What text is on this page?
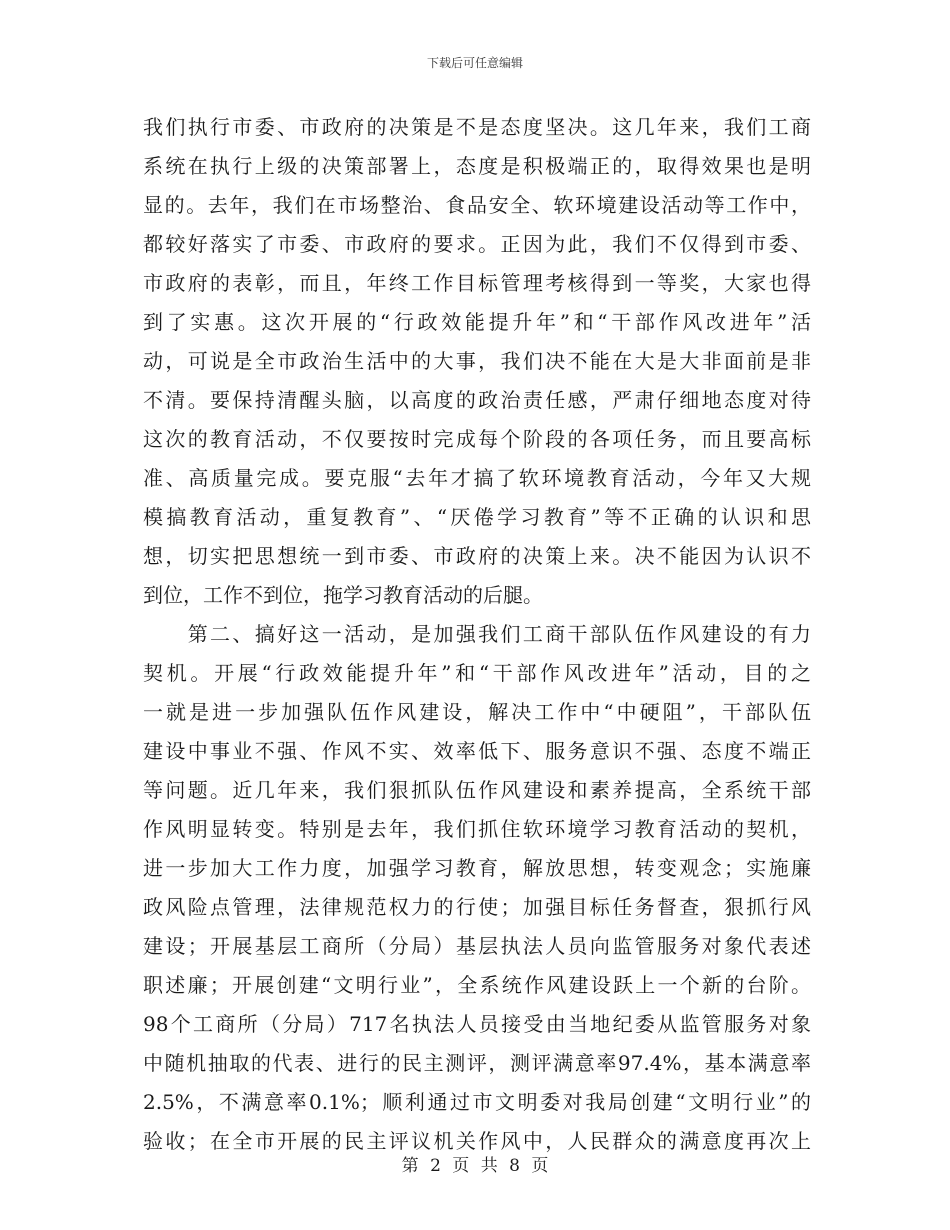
下载后可任意编辑
我们执行市委、市政府的决策是不是态度坚决。这几年来，我们工商
系统在执行上级的决策部署上，态度是积极端正的，取得效果也是明
显的。去年，我们在市场整治、食品安全、软环境建设活动等工作中，
都较好落实了市委、市政府的要求。正因为此，我们不仅得到市委、
市政府的表彰，而且，年终工作目标管理考核得到一等奖，大家也得
到了实惠。这次开展的“行政效能提升年”和“干部作风改进年”活
动，可说是全市政治生活中的大事，我们决不能在大是大非面前是非
不清。要保持清醒头脑，以高度的政治责任感，严肃仔细地态度对待
这次的教育活动，不仅要按时完成每个阶段的各项任务，而且要高标
准、高质量完成。要克服“去年才搞了软环境教育活动，今年又大规
模搞教育活动，重复教育”、“厌倦学习教育”等不正确的认识和思
想，切实把思想统一到市委、市政府的决策上来。决不能因为认识不
到位，工作不到位，拖学习教育活动的后腿。
　　第二、搞好这一活动，是加强我们工商干部队伍作风建设的有力
契机。开展“行政效能提升年”和“干部作风改进年”活动，目的之
一就是进一步加强队伍作风建设，解决工作中“中硬阻”，干部队伍
建设中事业不强、作风不实、效率低下、服务意识不强、态度不端正
等问题。近几年来，我们狠抓队伍作风建设和素养提高，全系统干部
作风明显转变。特别是去年，我们抓住软环境学习教育活动的契机，
进一步加大工作力度，加强学习教育，解放思想，转变观念；实施廉
政风险点管理，法律规范权力的行使；加强目标任务督查，狠抓行风
建设；开展基层工商所（分局）基层执法人员向监管服务对象代表述
职述廉；开展创建“文明行业”，全系统作风建设跃上一个新的台阶。
98个工商所（分局）717名执法人员接受由当地纪委从监管服务对象
中随机抽取的代表、进行的民主测评，测评满意率97.4%，基本满意率
2.5%，不满意率0.1%；顺利通过市文明委对我局创建“文明行业”的
验收；在全市开展的民主评议机关作风中，人民群众的满意度再次上
第 2 页 共 8 页
